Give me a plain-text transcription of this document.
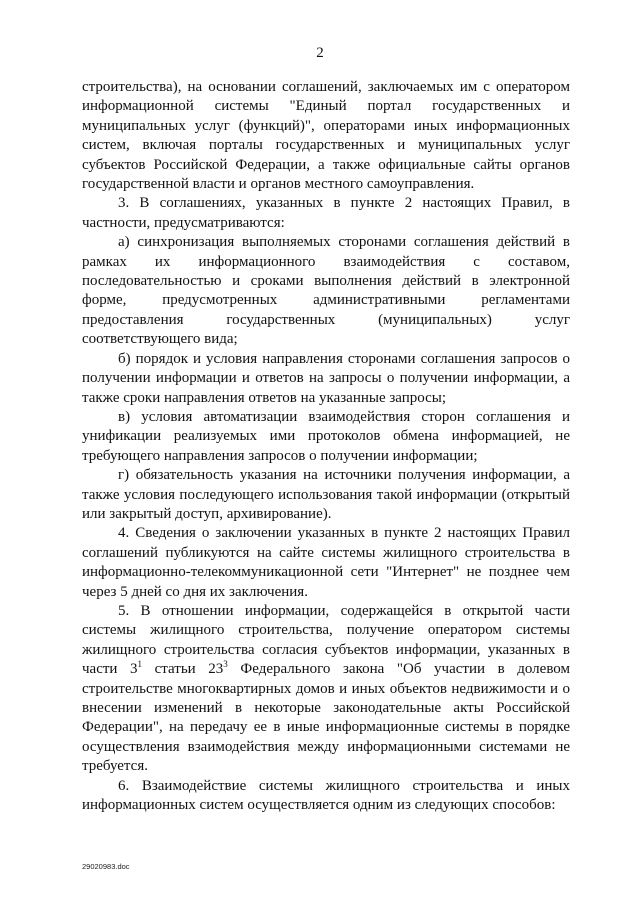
2

строительства), на основании соглашений, заключаемых им с оператором информационной системы "Единый портал государственных и муниципальных услуг (функций)", операторами иных информационных систем, включая порталы государственных и муниципальных услуг субъектов Российской Федерации, а также официальные сайты органов государственной власти и органов местного самоуправления.

3. В соглашениях, указанных в пункте 2 настоящих Правил, в частности, предусматриваются:

а) синхронизация выполняемых сторонами соглашения действий в рамках их информационного взаимодействия с составом, последовательностью и сроками выполнения действий в электронной форме, предусмотренных административными регламентами предоставления государственных (муниципальных) услуг соответствующего вида;

б) порядок и условия направления сторонами соглашения запросов о получении информации и ответов на запросы о получении информации, а также сроки направления ответов на указанные запросы;

в) условия автоматизации взаимодействия сторон соглашения и унификации реализуемых ими протоколов обмена информацией, не требующего направления запросов о получении информации;

г) обязательность указания на источники получения информации, а также условия последующего использования такой информации (открытый или закрытый доступ, архивирование).

4. Сведения о заключении указанных в пункте 2 настоящих Правил соглашений публикуются на сайте системы жилищного строительства в информационно-телекоммуникационной сети "Интернет" не позднее чем через 5 дней со дня их заключения.

5. В отношении информации, содержащейся в открытой части системы жилищного строительства, получение оператором системы жилищного строительства согласия субъектов информации, указанных в части $3^1$ статьи $23^3$ Федерального закона "Об участии в долевом строительстве многоквартирных домов и иных объектов недвижимости и о внесении изменений в некоторые законодательные акты Российской Федерации", на передачу ее в иные информационные системы в порядке осуществления взаимодействия между информационными системами не требуется.

6. Взаимодействие системы жилищного строительства и иных информационных систем осуществляется одним из следующих способов:

29020983.doc
